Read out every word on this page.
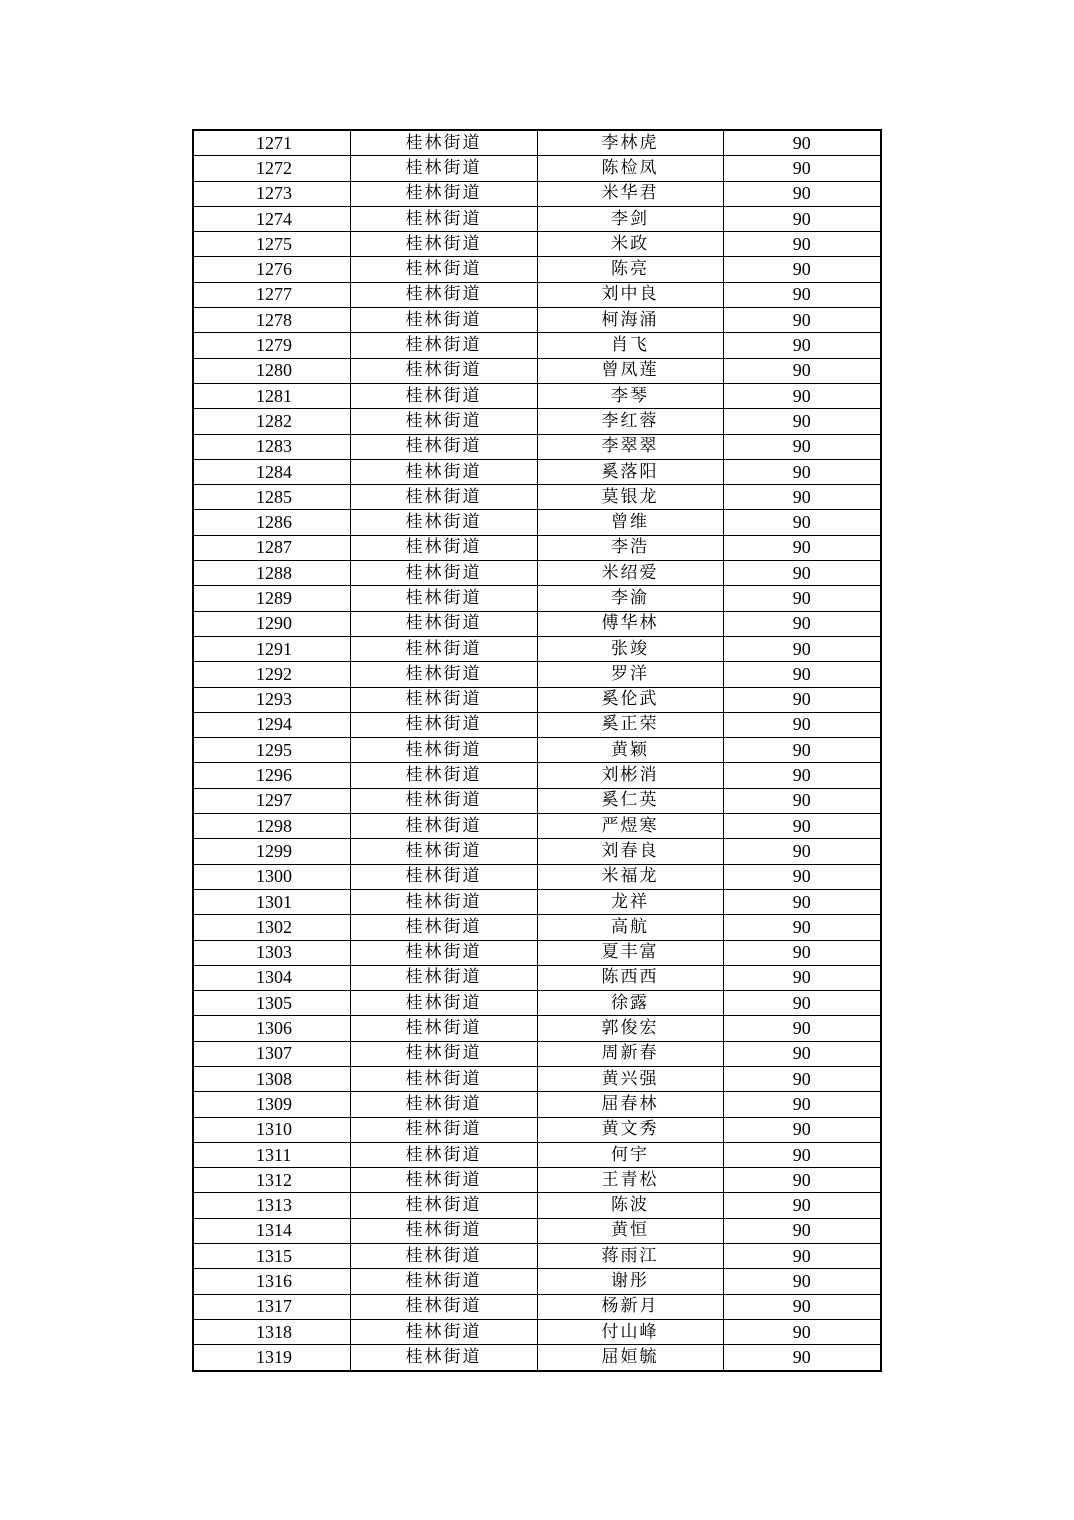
1271	桂林街道	李林虎	90
1272	桂林街道	陈检凤	90
1273	桂林街道	米华君	90
1274	桂林街道	李剑	90
1275	桂林街道	米政	90
1276	桂林街道	陈亮	90
1277	桂林街道	刘中良	90
1278	桂林街道	柯海涌	90
1279	桂林街道	肖飞	90
1280	桂林街道	曾凤莲	90
1281	桂林街道	李琴	90
1282	桂林街道	李红蓉	90
1283	桂林街道	李翠翠	90
1284	桂林街道	奚落阳	90
1285	桂林街道	莫银龙	90
1286	桂林街道	曾维	90
1287	桂林街道	李浩	90
1288	桂林街道	米绍爱	90
1289	桂林街道	李渝	90
1290	桂林街道	傅华林	90
1291	桂林街道	张竣	90
1292	桂林街道	罗洋	90
1293	桂林街道	奚伦武	90
1294	桂林街道	奚正荣	90
1295	桂林街道	黄颖	90
1296	桂林街道	刘彬消	90
1297	桂林街道	奚仁英	90
1298	桂林街道	严煜寒	90
1299	桂林街道	刘春良	90
1300	桂林街道	米福龙	90
1301	桂林街道	龙祥	90
1302	桂林街道	高航	90
1303	桂林街道	夏丰富	90
1304	桂林街道	陈西西	90
1305	桂林街道	徐露	90
1306	桂林街道	郭俊宏	90
1307	桂林街道	周新春	90
1308	桂林街道	黄兴强	90
1309	桂林街道	屈春林	90
1310	桂林街道	黄文秀	90
1311	桂林街道	何宇	90
1312	桂林街道	王青松	90
1313	桂林街道	陈波	90
1314	桂林街道	黄恒	90
1315	桂林街道	蒋雨江	90
1316	桂林街道	谢彤	90
1317	桂林街道	杨新月	90
1318	桂林街道	付山峰	90
1319	桂林街道	屈姮毓	90
